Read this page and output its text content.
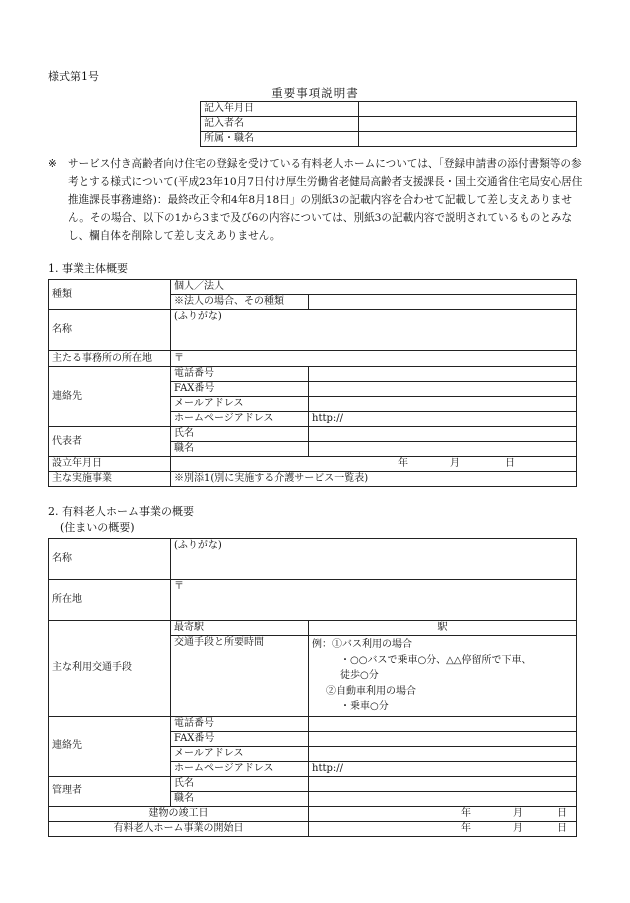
様式第1号
重要事項説明書
記入年月日	
記入者名	
所属・職名	
※ サービス付き高齢者向け住宅の登録を受けている有料老人ホームについては、「登録申請書の添付書類等の参考とする様式について(平成23年10月7日付け厚生労働省老健局高齢者支援課長・国土交通省住宅局安心居住推進課長事務連絡)：最終改正令和4年8月18日」の別紙3の記載内容を合わせて記載して差し支えありません。その場合、以下の1から3まで及び6の内容については、別紙3の記載内容で説明されているものとみなし、欄自体を削除して差し支えありません。
1. 事業主体概要
種類	個人／法人	
	※法人の場合、その種類	
名称	(ふりがな)	
主たる事務所の所在地	〒	
連絡先	電話番号	
	FAX番号	
	メールアドレス	
	ホームページアドレス	http://
代表者	氏名	
	職名	
設立年月日	年 月 日	
主な実施事業	※別添1(別に実施する介護サービス一覧表)	
2. 有料老人ホーム事業の概要
(住まいの概要)
名称	(ふりがな)	
所在地	〒	
主な利用交通手段	最寄駅	駅
	交通手段と所要時間	例：①バス利用の場合
・○○バスで乗車○分、△△停留所で下車、
徒歩○分
②自動車利用の場合
・乗車○分

連絡先	電話番号	
	FAX番号	
	メールアドレス	
	ホームページアドレス	http://
管理者	氏名	
	職名	
建物の竣工日		年 月 日
有料老人ホーム事業の開始日		年 月 日
